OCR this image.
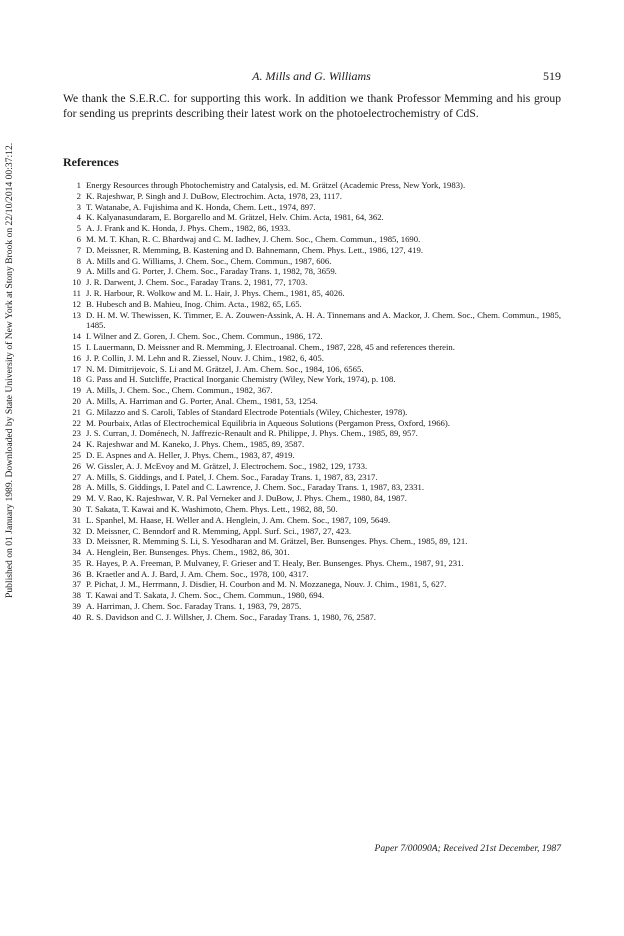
Published on 01 January 1989. Downloaded by State University of New York at Stony Brook on 22/10/2014 00:37:12.
A. Mills and G. Williams	519

We thank the S.E.R.C. for supporting this work. In addition we thank Professor Memming and his group for sending us preprints describing their latest work on the photoelectrochemistry of CdS.

References
1 Energy Resources through Photochemistry and Catalysis, ed. M. Grätzel (Academic Press, New York, 1983).
2 K. Rajeshwar, P. Singh and J. DuBow, Electrochim. Acta, 1978, 23, 1117.
3 T. Watanabe, A. Fujishima and K. Honda, Chem. Lett., 1974, 897.
4 K. Kalyanasundaram, E. Borgarello and M. Grätzel, Helv. Chim. Acta, 1981, 64, 362.
5 A. J. Frank and K. Honda, J. Phys. Chem., 1982, 86, 1933.
6 M. M. T. Khan, R. C. Bhardwaj and C. M. Iadhev, J. Chem. Soc., Chem. Commun., 1985, 1690.
7 D. Meissner, R. Memming, B. Kastening and D. Bahnemann, Chem. Phys. Lett., 1986, 127, 419.
8 A. Mills and G. Williams, J. Chem. Soc., Chem. Commun., 1987, 606.
9 A. Mills and G. Porter, J. Chem. Soc., Faraday Trans. 1, 1982, 78, 3659.
10 J. R. Darwent, J. Chem. Soc., Faraday Trans. 2, 1981, 77, 1703.
11 J. R. Harbour, R. Wolkow and M. L. Hair, J. Phys. Chem., 1981, 85, 4026.
12 B. Hubesch and B. Mahieu, Inog. Chim. Acta., 1982, 65, L65.
13 D. H. M. W. Thewissen, K. Timmer, E. A. Zouwen-Assink, A. H. A. Tinnemans and A. Mackor, J. Chem. Soc., Chem. Commun., 1985, 1485.
14 I. Wilner and Z. Goren, J. Chem. Soc., Chem. Commun., 1986, 172.
15 I. Lauermann, D. Meissner and R. Memming, J. Electroanal. Chem., 1987, 228, 45 and references therein.
16 J. P. Collin, J. M. Lehn and R. Ziessel, Nouv. J. Chim., 1982, 6, 405.
17 N. M. Dimitrijevoic, S. Li and M. Grätzel, J. Am. Chem. Soc., 1984, 106, 6565.
18 G. Pass and H. Sutcliffe, Practical Inorganic Chemistry (Wiley, New York, 1974), p. 108.
19 A. Mills, J. Chem. Soc., Chem. Commun., 1982, 367.
20 A. Mills, A. Harriman and G. Porter, Anal. Chem., 1981, 53, 1254.
21 G. Milazzo and S. Caroli, Tables of Standard Electrode Potentials (Wiley, Chichester, 1978).
22 M. Pourbaix, Atlas of Electrochemical Equilibria in Aqueous Solutions (Pergamon Press, Oxford, 1966).
23 J. S. Curran, J. Doménech, N. Jaffrezic-Renault and R. Philippe, J. Phys. Chem., 1985, 89, 957.
24 K. Rajeshwar and M. Kaneko, J. Phys. Chem., 1985, 89, 3587.
25 D. E. Aspnes and A. Heller, J. Phys. Chem., 1983, 87, 4919.
26 W. Gissler, A. J. McEvoy and M. Grätzel, J. Electrochem. Soc., 1982, 129, 1733.
27 A. Mills, S. Giddings, and I. Patel, J. Chem. Soc., Faraday Trans. 1, 1987, 83, 2317.
28 A. Mills, S. Giddings, I. Patel and C. Lawrence, J. Chem. Soc., Faraday Trans. 1, 1987, 83, 2331.
29 M. V. Rao, K. Rajeshwar, V. R. Pal Verneker and J. DuBow, J. Phys. Chem., 1980, 84, 1987.
30 T. Sakata, T. Kawai and K. Washimoto, Chem. Phys. Lett., 1982, 88, 50.
31 L. Spanhel, M. Haase, H. Weller and A. Henglein, J. Am. Chem. Soc., 1987, 109, 5649.
32 D. Meissner, C. Benndorf and R. Memming, Appl. Surf. Sci., 1987, 27, 423.
33 D. Meissner, R. Memming S. Li, S. Yesodharan and M. Grätzel, Ber. Bunsenges. Phys. Chem., 1985, 89, 121.
34 A. Henglein, Ber. Bunsenges. Phys. Chem., 1982, 86, 301.
35 R. Hayes, P. A. Freeman, P. Mulvaney, F. Grieser and T. Healy, Ber. Bunsenges. Phys. Chem., 1987, 91, 231.
36 B. Kraetler and A. J. Bard, J. Am. Chem. Soc., 1978, 100, 4317.
37 P. Pichat, J. M., Herrmann, J. Disdier, H. Courbon and M. N. Mozzanega, Nouv. J. Chim., 1981, 5, 627.
38 T. Kawai and T. Sakata, J. Chem. Soc., Chem. Commun., 1980, 694.
39 A. Harriman, J. Chem. Soc. Faraday Trans. 1, 1983, 79, 2875.
40 R. S. Davidson and C. J. Willsher, J. Chem. Soc., Faraday Trans. 1, 1980, 76, 2587.

Paper 7/00090A; Received 21st December, 1987
